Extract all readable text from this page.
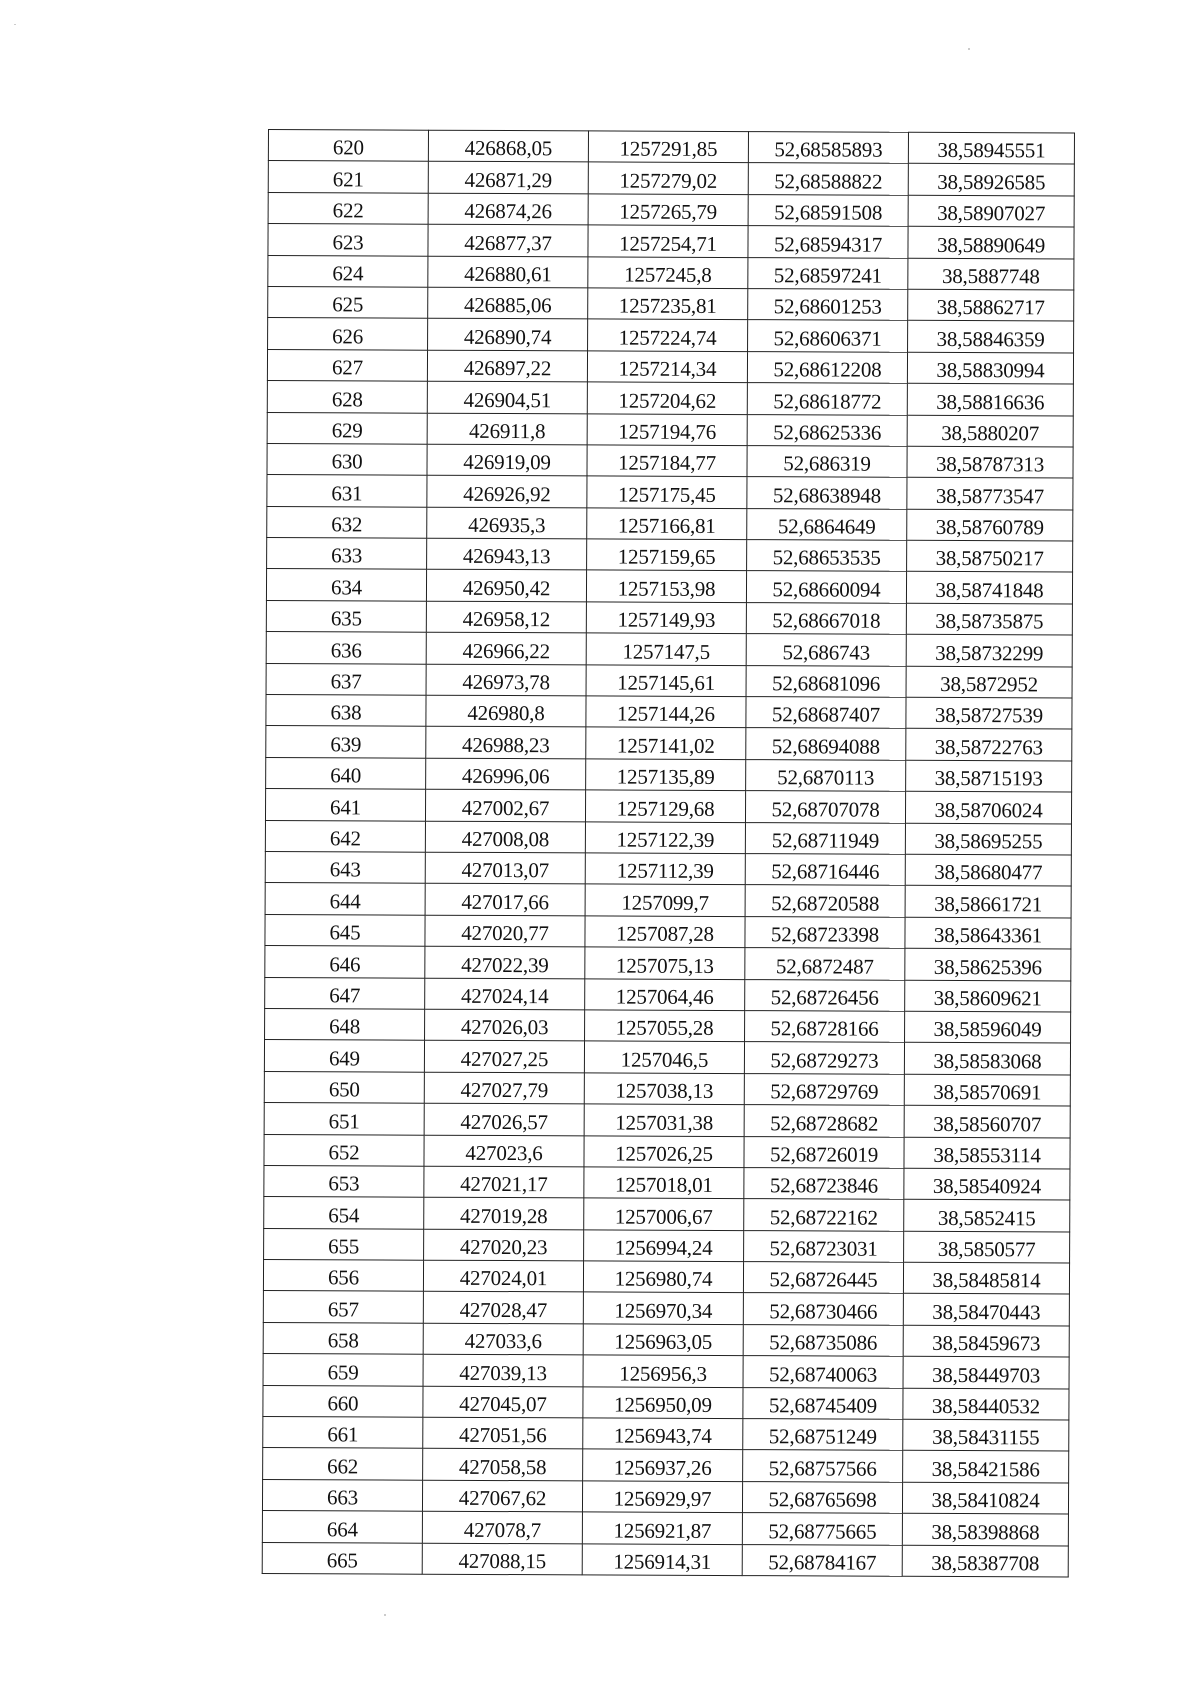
620	426868,05	1257291,85	52,68585893	38,58945551
621	426871,29	1257279,02	52,68588822	38,58926585
622	426874,26	1257265,79	52,68591508	38,58907027
623	426877,37	1257254,71	52,68594317	38,58890649
624	426880,61	1257245,8	52,68597241	38,5887748
625	426885,06	1257235,81	52,68601253	38,58862717
626	426890,74	1257224,74	52,68606371	38,58846359
627	426897,22	1257214,34	52,68612208	38,58830994
628	426904,51	1257204,62	52,68618772	38,58816636
629	426911,8	1257194,76	52,68625336	38,5880207
630	426919,09	1257184,77	52,686319	38,58787313
631	426926,92	1257175,45	52,68638948	38,58773547
632	426935,3	1257166,81	52,6864649	38,58760789
633	426943,13	1257159,65	52,68653535	38,58750217
634	426950,42	1257153,98	52,68660094	38,58741848
635	426958,12	1257149,93	52,68667018	38,58735875
636	426966,22	1257147,5	52,686743	38,58732299
637	426973,78	1257145,61	52,68681096	38,5872952
638	426980,8	1257144,26	52,68687407	38,58727539
639	426988,23	1257141,02	52,68694088	38,58722763
640	426996,06	1257135,89	52,6870113	38,58715193
641	427002,67	1257129,68	52,68707078	38,58706024
642	427008,08	1257122,39	52,68711949	38,58695255
643	427013,07	1257112,39	52,68716446	38,58680477
644	427017,66	1257099,7	52,68720588	38,58661721
645	427020,77	1257087,28	52,68723398	38,58643361
646	427022,39	1257075,13	52,6872487	38,58625396
647	427024,14	1257064,46	52,68726456	38,58609621
648	427026,03	1257055,28	52,68728166	38,58596049
649	427027,25	1257046,5	52,68729273	38,58583068
650	427027,79	1257038,13	52,68729769	38,58570691
651	427026,57	1257031,38	52,68728682	38,58560707
652	427023,6	1257026,25	52,68726019	38,58553114
653	427021,17	1257018,01	52,68723846	38,58540924
654	427019,28	1257006,67	52,68722162	38,5852415
655	427020,23	1256994,24	52,68723031	38,5850577
656	427024,01	1256980,74	52,68726445	38,58485814
657	427028,47	1256970,34	52,68730466	38,58470443
658	427033,6	1256963,05	52,68735086	38,58459673
659	427039,13	1256956,3	52,68740063	38,58449703
660	427045,07	1256950,09	52,68745409	38,58440532
661	427051,56	1256943,74	52,68751249	38,58431155
662	427058,58	1256937,26	52,68757566	38,58421586
663	427067,62	1256929,97	52,68765698	38,58410824
664	427078,7	1256921,87	52,68775665	38,58398868
665	427088,15	1256914,31	52,68784167	38,58387708
